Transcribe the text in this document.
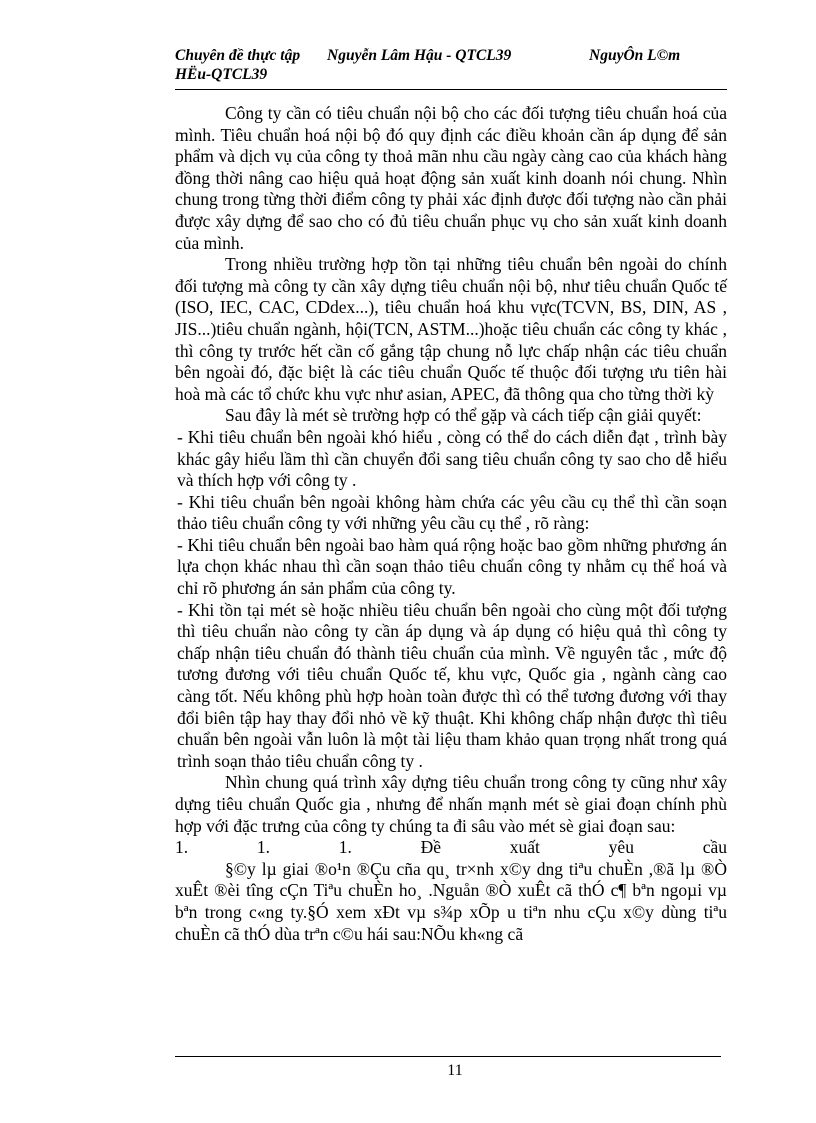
Chuyên đề thực tập Nguyễn Lâm Hậu - QTCL39	NguyÔn L©m
HËu-QTCL39

Công ty cần có tiêu chuẩn nội bộ cho các đối tượng tiêu chuẩn hoá của mình. Tiêu chuẩn hoá nội bộ đó quy định các điều khoản cần áp dụng để sản phẩm và dịch vụ của công ty thoả mãn nhu cầu ngày càng cao của khách hàng đồng thời nâng cao hiệu quả hoạt động sản xuất kinh doanh nói chung. Nhìn chung trong từng thời điểm công ty phải xác định được đối tượng nào cần phải được xây dựng để sao cho có đủ tiêu chuẩn phục vụ cho sản xuất kinh doanh của mình.

Trong nhiều trường hợp tồn tại những tiêu chuẩn bên ngoài do chính đối tượng mà công ty cần xây dựng tiêu chuẩn nội bộ, như tiêu chuẩn Quốc tế (ISO, IEC, CAC, CDdex...), tiêu chuẩn hoá khu vực(TCVN, BS, DIN, AS , JIS...)tiêu chuẩn ngành, hội(TCN, ASTM...)hoặc tiêu chuẩn các công ty khác , thì công ty trước hết cần cố gắng tập chung nỗ lực chấp nhận các tiêu chuẩn bên ngoài đó, đặc biệt là các tiêu chuẩn Quốc tế thuộc đối tượng ưu tiên hài hoà mà các tổ chức khu vực như asian, APEC, đã thông qua cho từng thời kỳ

Sau đây là mét sè trường hợp có thể gặp và cách tiếp cận giải quyết:

- Khi tiêu chuẩn bên ngoài khó hiểu , còng có thể do cách diễn đạt , trình bày khác gây hiểu lầm thì cần chuyển đổi sang tiêu chuẩn công ty sao cho dễ hiểu và thích hợp với công ty .

- Khi tiêu chuẩn bên ngoài không hàm chứa các yêu cầu cụ thể thì cần soạn thảo tiêu chuẩn công ty với những yêu cầu cụ thể , rõ ràng:

- Khi tiêu chuẩn bên ngoài bao hàm quá rộng hoặc bao gồm những phương án lựa chọn khác nhau thì cần soạn thảo tiêu chuẩn công ty nhằm cụ thể hoá và chỉ rõ phương án sản phẩm của công ty.

- Khi tồn tại mét sè hoặc nhiều tiêu chuẩn bên ngoài cho cùng một đối tượng thì tiêu chuẩn nào công ty cần áp dụng và áp dụng có hiệu quả thì công ty chấp nhận tiêu chuẩn đó thành tiêu chuẩn của mình. Về nguyên tắc , mức độ tương đương với tiêu chuẩn Quốc tế, khu vực, Quốc gia , ngành càng cao càng tốt. Nếu không phù hợp hoàn toàn được thì có thể tương đương với thay đổi biên tập hay thay đổi nhỏ về kỹ thuật. Khi không chấp nhận được thì tiêu chuẩn bên ngoài vẫn luôn là một tài liệu tham khảo quan trọng nhất trong quá trình soạn thảo tiêu chuẩn công ty .

Nhìn chung quá trình xây dựng tiêu chuẩn trong công ty cũng như xây dựng tiêu chuẩn Quốc gia , nhưng để nhấn mạnh mét sè giai đoạn chính phù hợp với đặc trưng của công ty chúng ta đi sâu vào mét sè giai đoạn sau:

1.	1.	1.	Đề	xuất	yêu	cầu

§©y lµ giai ®o¹n ®Çu cña qu¸ tr×nh x©y dng tiªu chuÈn ,®ã lµ ®Ò xuÊt ®èi tîng cÇn Tiªu chuÈn ho¸ .Nguån ®Ò xuÊt cã thÓ c¶ bªn ngoµi vµ bªn trong c«ng ty.§Ó xem xÐt vµ s¾p xÕp u tiªn nhu cÇu x©y dùng tiªu chuÈn cã thÓ dùa trªn c©u hái sau:NÕu kh«ng cã

11
